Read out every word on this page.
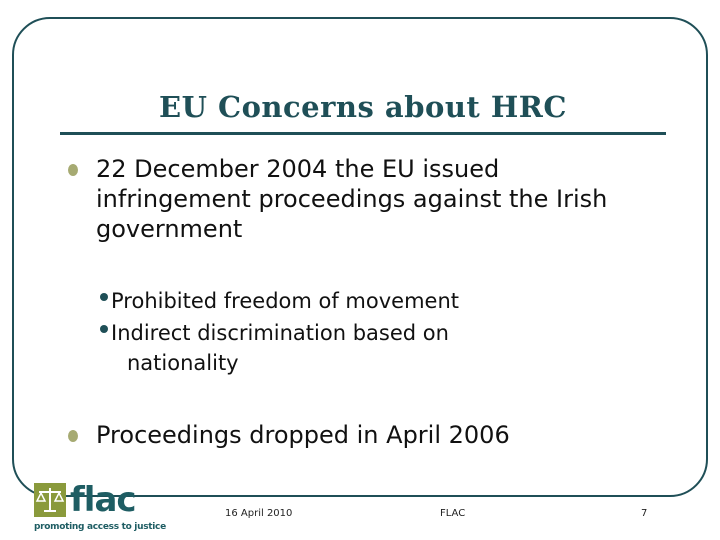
EU Concerns about HRC
22 December 2004 the EU issued infringement proceedings against the Irish government
Prohibited freedom of movement
Indirect discrimination based on
nationality
Proceedings dropped in April 2006
flac
promoting access to justice
16 April 2010	FLAC	7
